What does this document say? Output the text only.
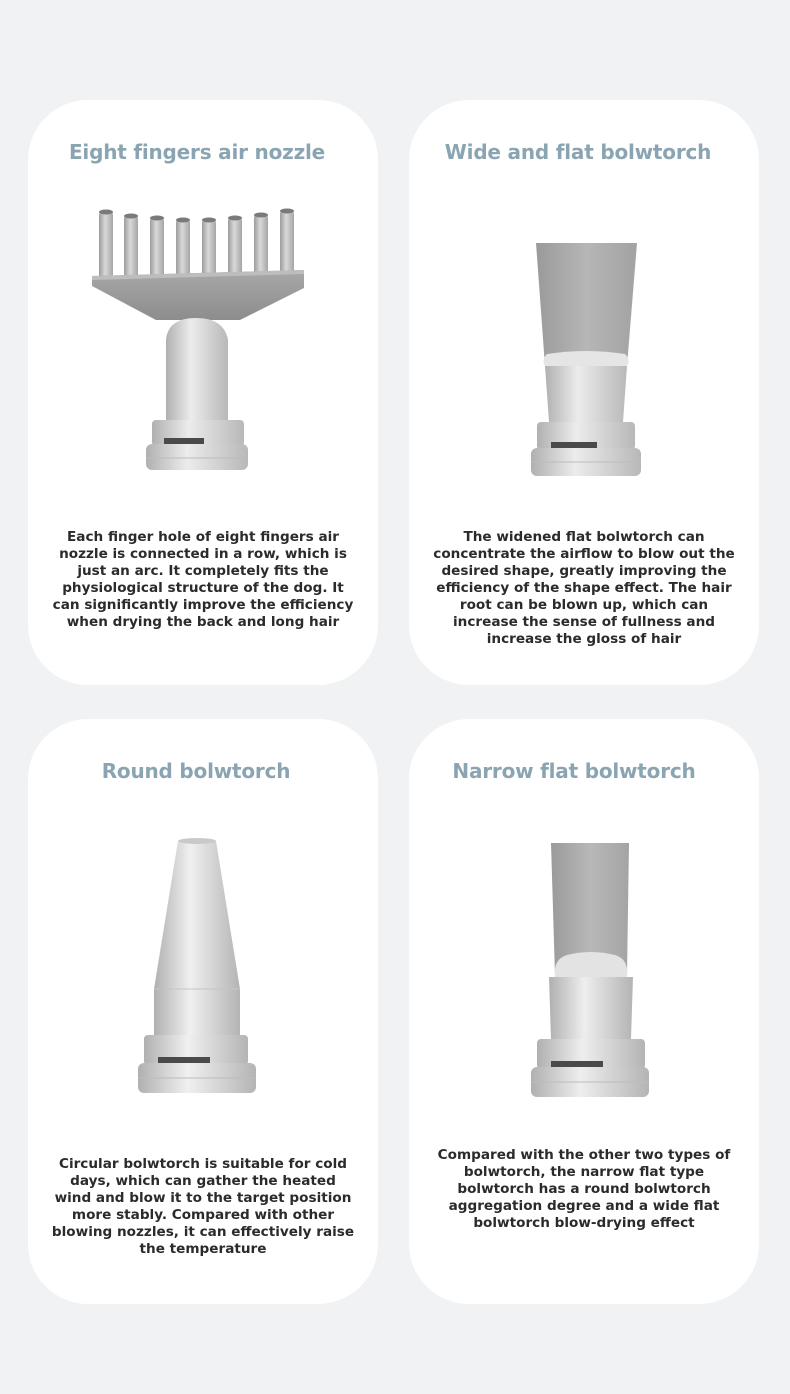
Eight fingers air nozzle

Each finger hole of eight fingers air nozzle is connected in a row, which is just an arc. It completely fits the physiological structure of the dog. It can significantly improve the efficiency when drying the back and long hair

Wide and flat bolwtorch

The widened flat bolwtorch can concentrate the airflow to blow out the desired shape, greatly improving the efficiency of the shape effect. The hair root can be blown up, which can increase the sense of fullness and increase the gloss of hair

Round bolwtorch

Circular bolwtorch is suitable for cold days, which can gather the heated wind and blow it to the target position more stably. Compared with other blowing nozzles, it can effectively raise the temperature

Narrow flat bolwtorch

Compared with the other two types of bolwtorch, the narrow flat type bolwtorch has a round bolwtorch aggregation degree and a wide flat bolwtorch blow-drying effect
